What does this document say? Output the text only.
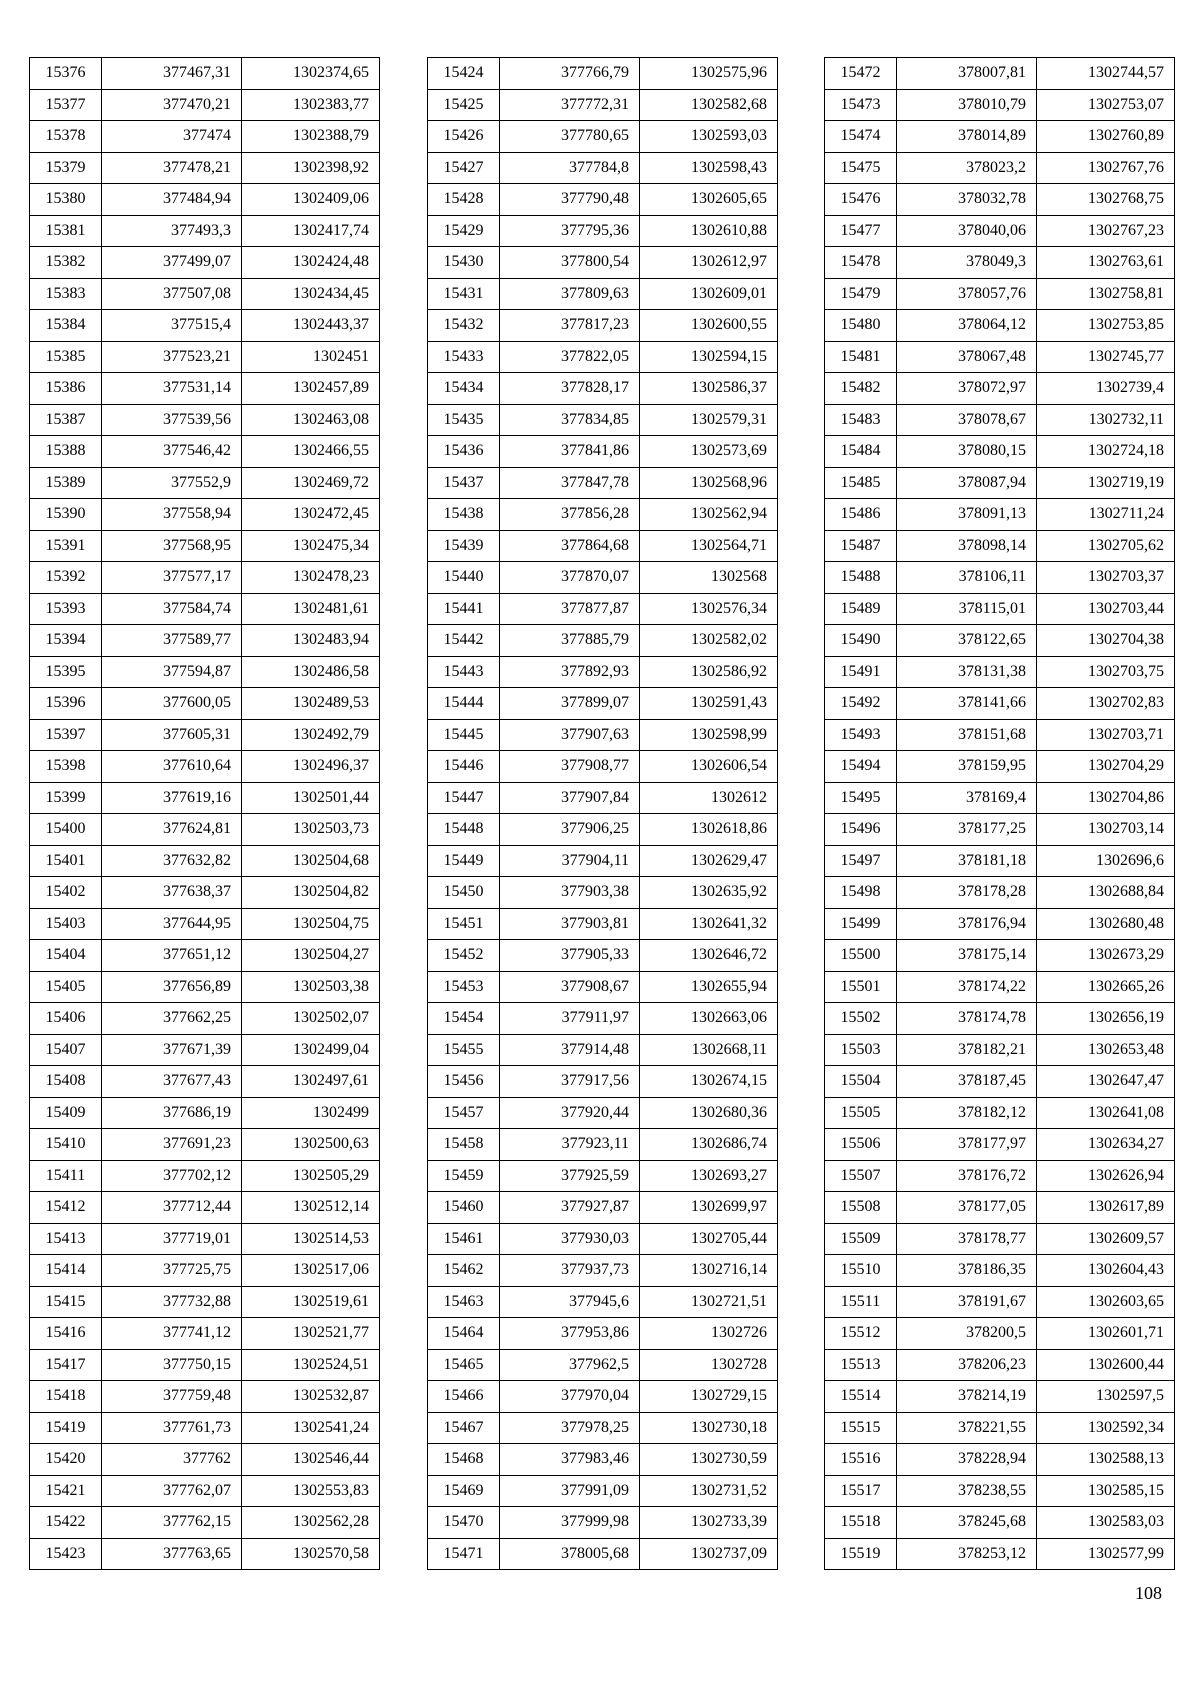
15376	377467,31	1302374,65
15377	377470,21	1302383,77
15378	377474	1302388,79
15379	377478,21	1302398,92
15380	377484,94	1302409,06
15381	377493,3	1302417,74
15382	377499,07	1302424,48
15383	377507,08	1302434,45
15384	377515,4	1302443,37
15385	377523,21	1302451
15386	377531,14	1302457,89
15387	377539,56	1302463,08
15388	377546,42	1302466,55
15389	377552,9	1302469,72
15390	377558,94	1302472,45
15391	377568,95	1302475,34
15392	377577,17	1302478,23
15393	377584,74	1302481,61
15394	377589,77	1302483,94
15395	377594,87	1302486,58
15396	377600,05	1302489,53
15397	377605,31	1302492,79
15398	377610,64	1302496,37
15399	377619,16	1302501,44
15400	377624,81	1302503,73
15401	377632,82	1302504,68
15402	377638,37	1302504,82
15403	377644,95	1302504,75
15404	377651,12	1302504,27
15405	377656,89	1302503,38
15406	377662,25	1302502,07
15407	377671,39	1302499,04
15408	377677,43	1302497,61
15409	377686,19	1302499
15410	377691,23	1302500,63
15411	377702,12	1302505,29
15412	377712,44	1302512,14
15413	377719,01	1302514,53
15414	377725,75	1302517,06
15415	377732,88	1302519,61
15416	377741,12	1302521,77
15417	377750,15	1302524,51
15418	377759,48	1302532,87
15419	377761,73	1302541,24
15420	377762	1302546,44
15421	377762,07	1302553,83
15422	377762,15	1302562,28
15423	377763,65	1302570,58
15424	377766,79	1302575,96
15425	377772,31	1302582,68
15426	377780,65	1302593,03
15427	377784,8	1302598,43
15428	377790,48	1302605,65
15429	377795,36	1302610,88
15430	377800,54	1302612,97
15431	377809,63	1302609,01
15432	377817,23	1302600,55
15433	377822,05	1302594,15
15434	377828,17	1302586,37
15435	377834,85	1302579,31
15436	377841,86	1302573,69
15437	377847,78	1302568,96
15438	377856,28	1302562,94
15439	377864,68	1302564,71
15440	377870,07	1302568
15441	377877,87	1302576,34
15442	377885,79	1302582,02
15443	377892,93	1302586,92
15444	377899,07	1302591,43
15445	377907,63	1302598,99
15446	377908,77	1302606,54
15447	377907,84	1302612
15448	377906,25	1302618,86
15449	377904,11	1302629,47
15450	377903,38	1302635,92
15451	377903,81	1302641,32
15452	377905,33	1302646,72
15453	377908,67	1302655,94
15454	377911,97	1302663,06
15455	377914,48	1302668,11
15456	377917,56	1302674,15
15457	377920,44	1302680,36
15458	377923,11	1302686,74
15459	377925,59	1302693,27
15460	377927,87	1302699,97
15461	377930,03	1302705,44
15462	377937,73	1302716,14
15463	377945,6	1302721,51
15464	377953,86	1302726
15465	377962,5	1302728
15466	377970,04	1302729,15
15467	377978,25	1302730,18
15468	377983,46	1302730,59
15469	377991,09	1302731,52
15470	377999,98	1302733,39
15471	378005,68	1302737,09
15472	378007,81	1302744,57
15473	378010,79	1302753,07
15474	378014,89	1302760,89
15475	378023,2	1302767,76
15476	378032,78	1302768,75
15477	378040,06	1302767,23
15478	378049,3	1302763,61
15479	378057,76	1302758,81
15480	378064,12	1302753,85
15481	378067,48	1302745,77
15482	378072,97	1302739,4
15483	378078,67	1302732,11
15484	378080,15	1302724,18
15485	378087,94	1302719,19
15486	378091,13	1302711,24
15487	378098,14	1302705,62
15488	378106,11	1302703,37
15489	378115,01	1302703,44
15490	378122,65	1302704,38
15491	378131,38	1302703,75
15492	378141,66	1302702,83
15493	378151,68	1302703,71
15494	378159,95	1302704,29
15495	378169,4	1302704,86
15496	378177,25	1302703,14
15497	378181,18	1302696,6
15498	378178,28	1302688,84
15499	378176,94	1302680,48
15500	378175,14	1302673,29
15501	378174,22	1302665,26
15502	378174,78	1302656,19
15503	378182,21	1302653,48
15504	378187,45	1302647,47
15505	378182,12	1302641,08
15506	378177,97	1302634,27
15507	378176,72	1302626,94
15508	378177,05	1302617,89
15509	378178,77	1302609,57
15510	378186,35	1302604,43
15511	378191,67	1302603,65
15512	378200,5	1302601,71
15513	378206,23	1302600,44
15514	378214,19	1302597,5
15515	378221,55	1302592,34
15516	378228,94	1302588,13
15517	378238,55	1302585,15
15518	378245,68	1302583,03
15519	378253,12	1302577,99
108
